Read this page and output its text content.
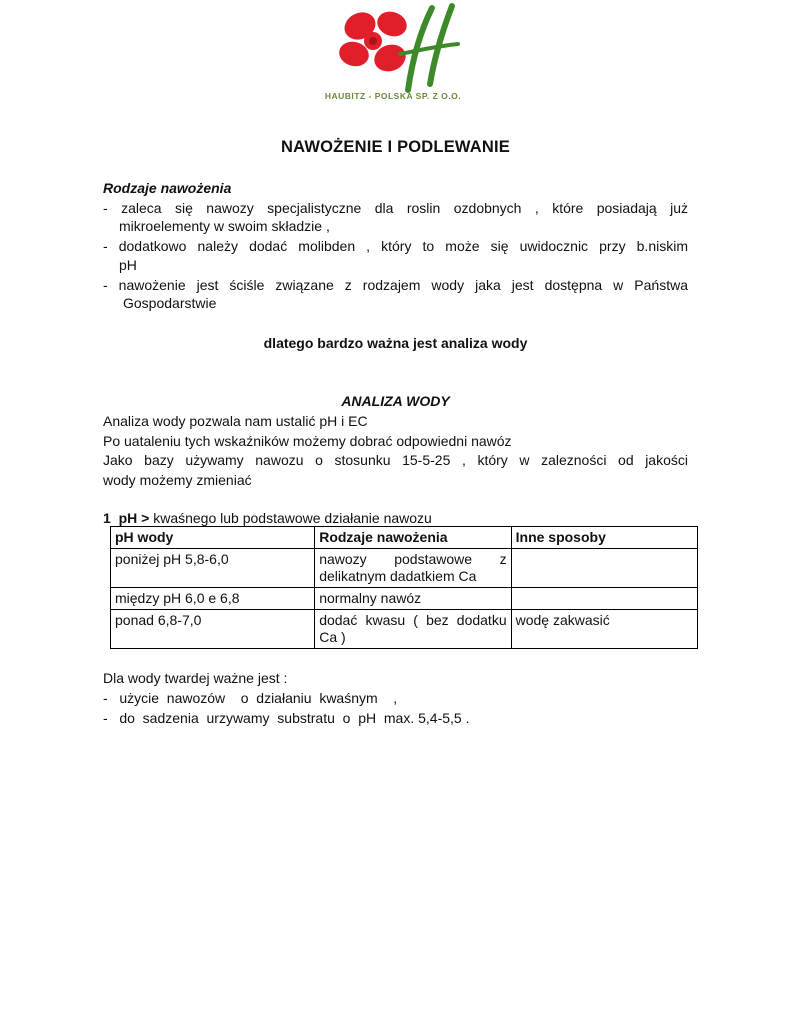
HAUBITZ - POLSKA SP. Z O.O.
NAWOŻENIE I PODLEWANIE
Rodzaje nawożenia
- zaleca się nawozy specjalistyczne dla roslin ozdobnych , które posiadają już
mikroelementy w swoim składzie ,
- dodatkowo należy dodać molibden , który to może się uwidocznic przy b.niskim
pH
- nawożenie jest ściśle związane z rodzajem wody jaka jest dostępna w Państwa
Gospodarstwie
dlatego bardzo ważna jest analiza wody
ANALIZA WODY
Analiza wody pozwala nam ustalić pH i EC
Po uataleniu tych wskaźników możemy dobrać odpowiedni nawóz
Jako bazy używamy nawozu o stosunku 15-5-25 , który w zalezności od jakości
wody możemy zmieniać
1 pH > kwaśnego lub podstawowe działanie nawozu
pH wody	Rodzaje nawożenia	Inne sposoby
poniżej pH 5,8-6,0	nawozy podstawowe z
delikatnym dadatkiem Ca	

między pH 6,0 e 6,8	normalny nawóz	
ponad 6,8-7,0	dodać kwasu ( bez dodatku
Ca )	wodę zakwasić
Dla wody twardej ważne jest :
-   użycie  nawozów    o  działaniu  kwaśnym    ,
-   do  sadzenia  urzywamy  substratu  o  pH  max. 5,4-5,5 .
